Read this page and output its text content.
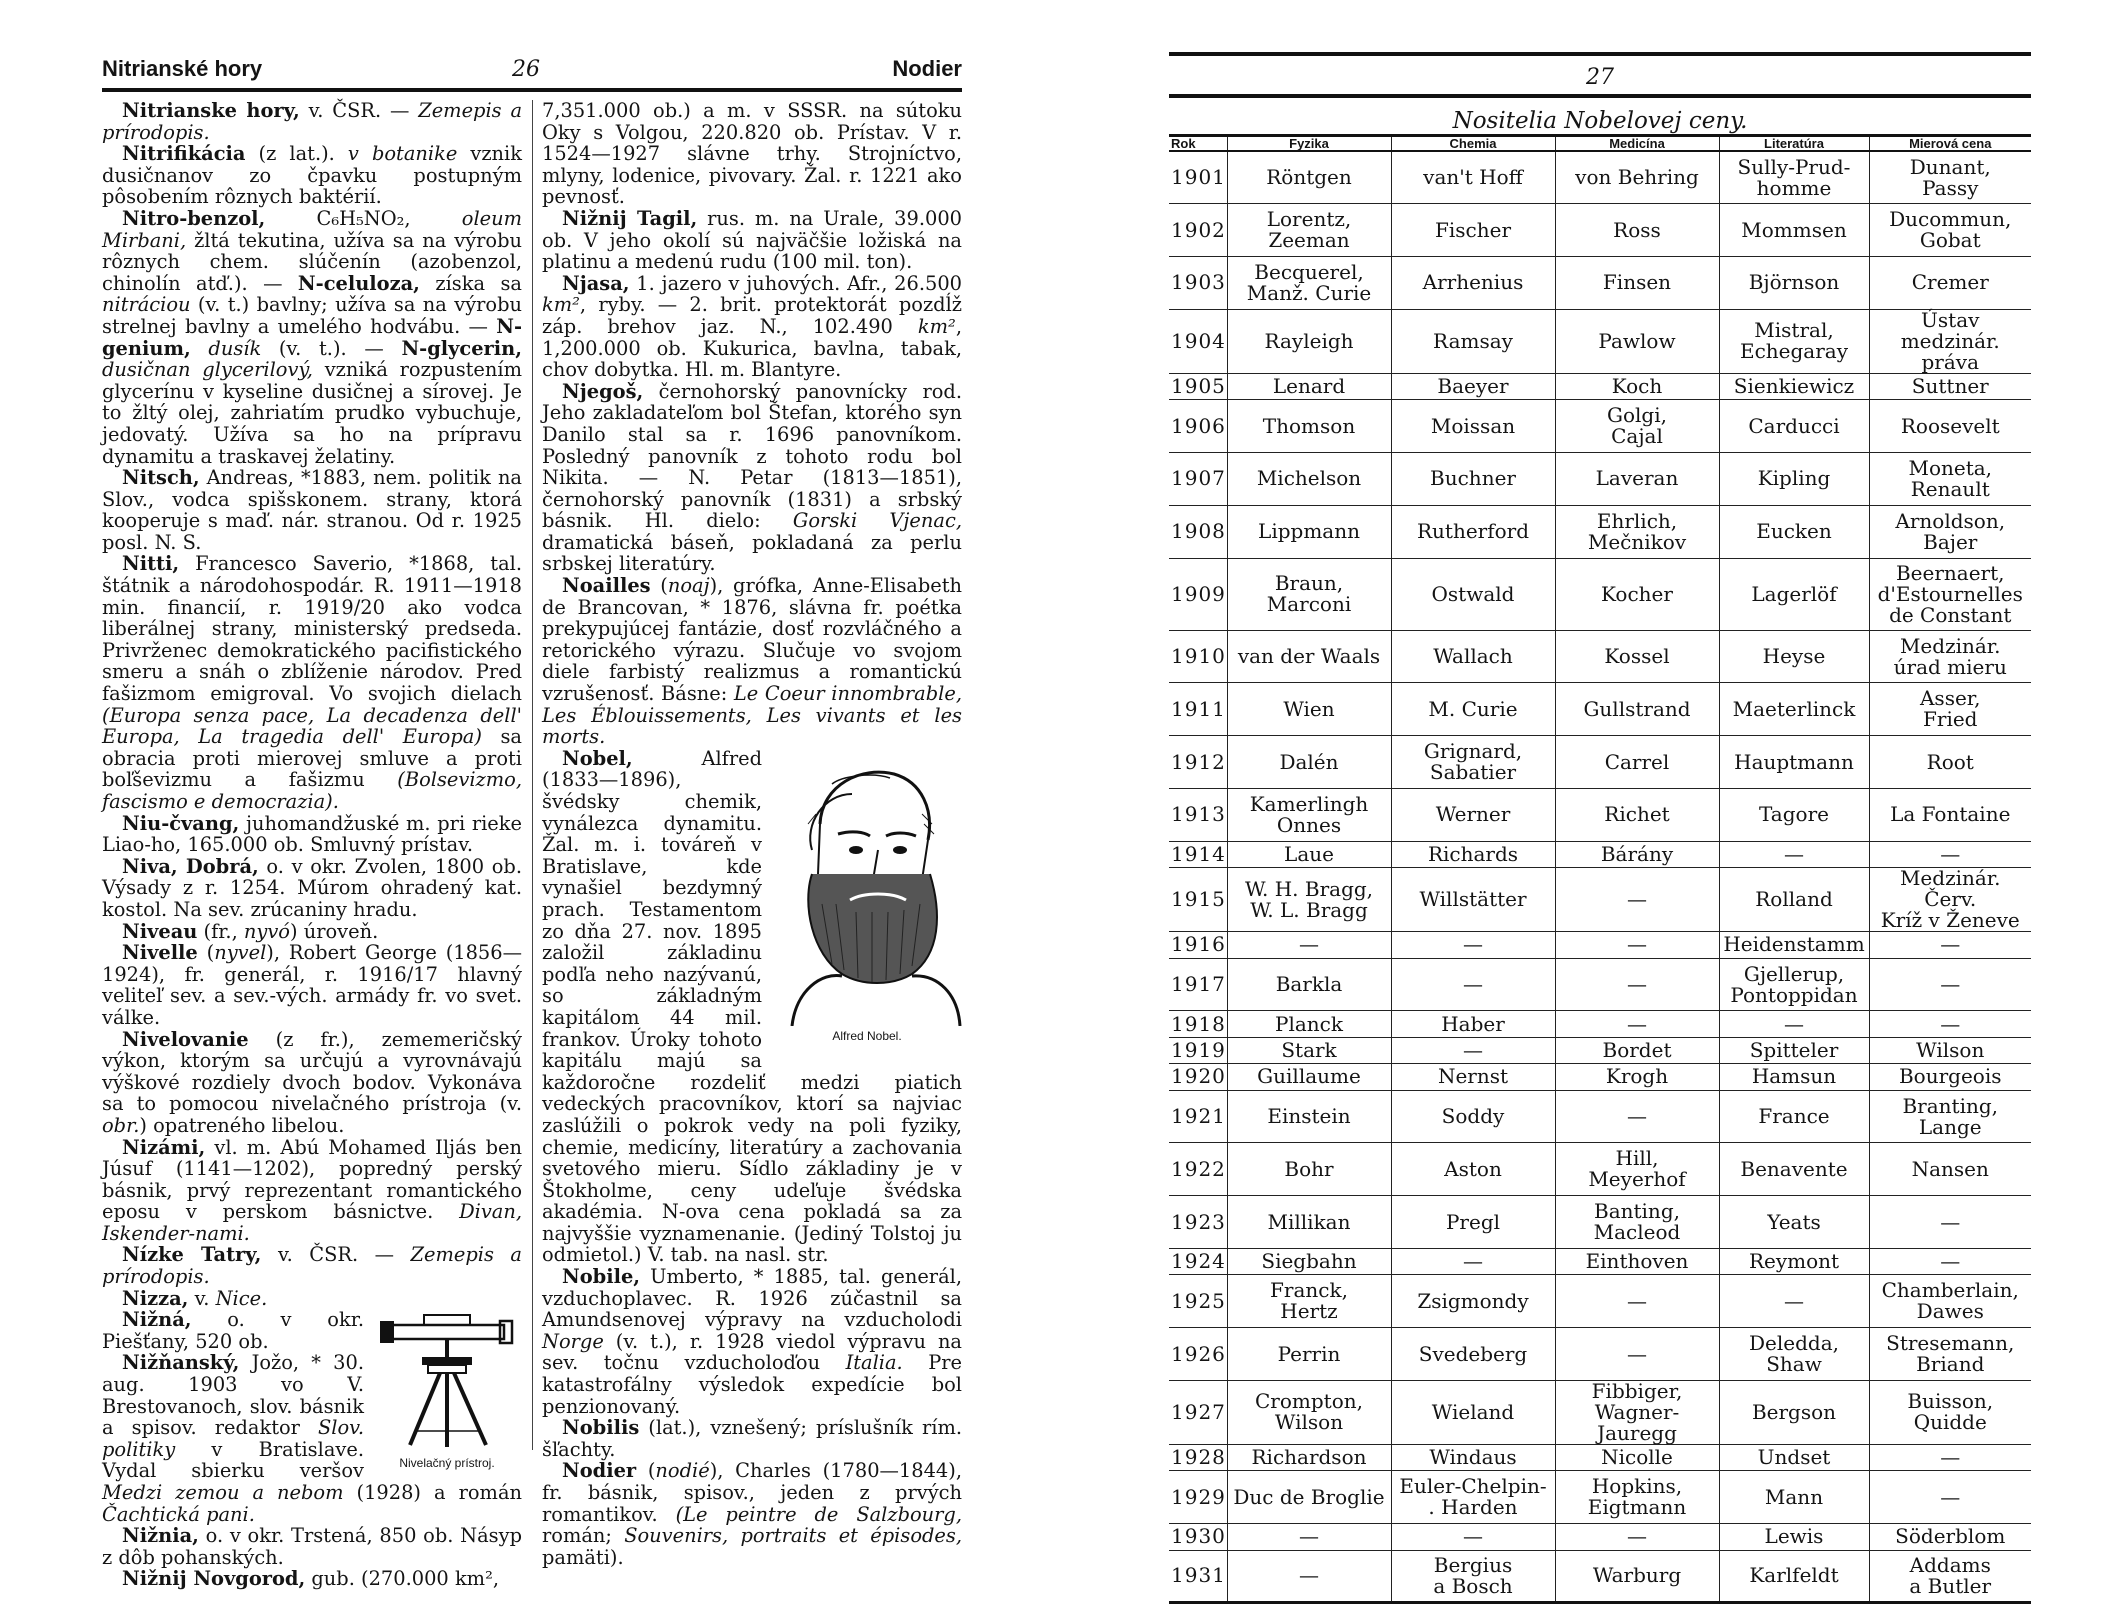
Nitrianské hory	26	Nodier

Nitrianske hory, v. ČSR. — Zemepis a prírodopis.

Nitrifikácia (z lat.). v botanike vznik dusičnanov zo čpavku postupným pôsobením rôznych baktérií.

Nitro-benzol, C₆H₅NO₂, oleum Mirbani, žltá tekutina, užíva sa na výrobu rôznych chem. slúčenín (azobenzol, chinolín atď.). — N-celuloza, získa sa nitráciou (v. t.) bavlny; užíva sa na výrobu strelnej bavlny a umelého hodvábu. — N-genium, dusík (v. t.). — N-glycerin, dusičnan glycerilový, vzniká rozpustením glycerínu v kyseline dusičnej a sírovej. Je to žltý olej, zahriatím prudko vybuchuje, jedovatý. Užíva sa ho na prípravu dynamitu a traskavej želatiny.

Nitsch, Andreas, *1883, nem. politik na Slov., vodca spišskonem. strany, ktorá kooperuje s maď. nár. stranou. Od r. 1925 posl. N. S.

Nitti, Francesco Saverio, *1868, tal. štátnik a národohospodár. R. 1911—1918 min. financií, r. 1919/20 ako vodca liberálnej strany, ministerský predseda. Privrženec demokratického pacifistického smeru a snáh o zblíženie národov. Pred fašizmom emigroval. Vo svojich dielach (Europa senza pace, La decadenza dell' Europa, La tragedia dell' Europa) sa obracia proti mierovej smluve a proti boľševizmu a fašizmu (Bolsevizmo, fascismo e democrazia).

Niu-čvang, juhomandžuské m. pri rieke Liao-ho, 165.000 ob. Smluvný prístav.

Niva, Dobrá, o. v okr. Zvolen, 1800 ob. Výsady z r. 1254. Múrom ohradený kat. kostol. Na sev. zrúcaniny hradu.

Niveau (fr., nyvó) úroveň.

Nivelle (nyvel), Robert George (1856—1924), fr. generál, r. 1916/17 hlavný veliteľ sev. a sev.-vých. armády fr. vo svet. válke.

Nivelovanie (z fr.), zememeričský výkon, ktorým sa určujú a vyrovnávajú výškové rozdiely dvoch bodov. Vykonáva sa to pomocou nivelačného prístroja (v. obr.) opatreného libelou.

Nizámi, vl. m. Abú Mohamed Iljás ben Júsuf (1141—1202), popredný perský básnik, prvý reprezentant romantického eposu v perskom básnictve. Divan, Iskender-nami.

Nízke Tatry, v. ČSR. — Zemepis a prírodopis.

Nizza, v. Nice.

Nivelačný prístroj.

Nižná, o. v okr. Piešťany, 520 ob.

Nižňanský, Jožo, * 30. aug. 1903 vo V. Brestovanoch, slov. básnik a spisov. redaktor Slov. politiky v Bratislave. Vydal sbierku veršov Medzi zemou a nebom (1928) a román Čachtická pani.

Nižnia, o. v okr. Trstená, 850 ob. Násyp z dôb pohanských.

Nižnij Novgorod, gub. (270.000 km²,

7,351.000 ob.) a m. v SSSR. na sútoku Oky s Volgou, 220.820 ob. Prístav. V r. 1524—1927 slávne trhy. Strojníctvo, mlyny, lodenice, pivovary. Žal. r. 1221 ako pevnosť.

Nižnij Tagil, rus. m. na Urale, 39.000 ob. V jeho okolí sú najväčšie ložiská na platinu a medenú rudu (100 mil. ton).

Njasa, 1. jazero v juhových. Afr., 26.500 km², ryby. — 2. brit. protektorát pozdĺž záp. brehov jaz. N., 102.490 km², 1,200.000 ob. Kukurica, bavlna, tabak, chov dobytka. Hl. m. Blantyre.

Njegoš, černohorský panovnícky rod. Jeho zakladateľom bol Štefan, ktorého syn Danilo stal sa r. 1696 panovníkom. Posledný panovník z tohoto rodu bol Nikita. — N. Petar (1813—1851), černohorský panovník (1831) a srbský básnik. Hl. dielo: Gorski Vjenac, dramatická báseň, pokladaná za perlu srbskej literatúry.

Noailles (noaj), grófka, Anne-Elisabeth de Brancovan, * 1876, slávna fr. poétka prekypujúcej fantázie, dosť rozvláčného a retorického výrazu. Slučuje vo svojom diele farbistý realizmus a romantickú vzrušenosť. Básne: Le Coeur innombrable, Les Éblouissements, Les vivants et les morts.

Alfred Nobel.

Nobel, Alfred (1833—1896), švédsky chemik, vynálezca dynamitu. Žal. m. i. továreň v Bratislave, kde vynašiel bezdymný prach. Testamentom zo dňa 27. nov. 1895 založil základinu podľa neho nazývanú, so základným kapitálom 44 mil. frankov. Úroky tohoto kapitálu majú sa každoročne rozdeliť medzi piatich vedeckých pracovníkov, ktorí sa najviac zaslúžili o pokrok vedy na poli fyziky, chemie, medicíny, literatúry a zachovania svetového mieru. Sídlo základiny je v Štokholme, ceny udeľuje švédska akadémia. N-ova cena pokladá sa za najvyššie vyznamenanie. (Jediný Tolstoj ju odmietol.) V. tab. na nasl. str.

Nobile, Umberto, * 1885, tal. generál, vzduchoplavec. R. 1926 zúčastnil sa Amundsenovej výpravy na vzducholodi Norge (v. t.), r. 1928 viedol výpravu na sev. točnu vzducholoďou Italia. Pre katastrofálny výsledok expedície bol penzionovaný.

Nobilis (lat.), vznešený; príslušník rím. šľachty.

Nodier (nodié), Charles (1780—1844), fr. básnik, spisov., jeden z prvých romantikov. (Le peintre de Salzbourg, román; Souvenirs, portraits et épisodes, pamäti).

27
Nositelia Nobelovej ceny.
Rok	Fyzika	Chemia	Medicína	Literatúra	Mierová cena
1901	Röntgen	van't Hoff	von Behring	Sully-Prud-
homme	Dunant,
Passy
1902	Lorentz,
Zeeman	Fischer	Ross	Mommsen	Ducommun,
Gobat
1903	Becquerel,
Manž. Curie	Arrhenius	Finsen	Björnson	Cremer
1904	Rayleigh	Ramsay	Pawlow	Mistral,
Echegaray	Ústav medzinár.
práva
1905	Lenard	Baeyer	Koch	Sienkiewicz	Suttner
1906	Thomson	Moissan	Golgi,
Cajal	Carducci	Roosevelt
1907	Michelson	Buchner	Laveran	Kipling	Moneta,
Renault
1908	Lippmann	Rutherford	Ehrlich,
Mečnikov	Eucken	Arnoldson,
Bajer
1909	Braun,
Marconi	Ostwald	Kocher	Lagerlöf	Beernaert,
d'Estournelles
de Constant
1910	van der Waals	Wallach	Kossel	Heyse	Medzinár.
úrad mieru
1911	Wien	M. Curie	Gullstrand	Maeterlinck	Asser,
Fried
1912	Dalén	Grignard,
Sabatier	Carrel	Hauptmann	Root
1913	Kamerlingh
Onnes	Werner	Richet	Tagore	La Fontaine
1914	Laue	Richards	Bárány	—	—
1915	W. H. Bragg,
W. L. Bragg	Willstätter	—	Rolland	Medzinár. Červ.
Kríž v Ženeve
1916	—	—	—	Heidenstamm	—
1917	Barkla	—	—	Gjellerup,
Pontoppidan	—
1918	Planck	Haber	—	—	—
1919	Stark	—	Bordet	Spitteler	Wilson
1920	Guillaume	Nernst	Krogh	Hamsun	Bourgeois
1921	Einstein	Soddy	—	France	Branting,
Lange
1922	Bohr	Aston	Hill,
Meyerhof	Benavente	Nansen
1923	Millikan	Pregl	Banting,
Macleod	Yeats	—
1924	Siegbahn	—	Einthoven	Reymont	—
1925	Franck,
Hertz	Zsigmondy	—	—	Chamberlain,
Dawes
1926	Perrin	Svedeberg	—	Deledda,
Shaw	Stresemann,
Briand
1927	Crompton,
Wilson	Wieland	Fibbiger,
Wagner-Jauregg	Bergson	Buisson,
Quidde
1928	Richardson	Windaus	Nicolle	Undset	—
1929	Duc de Broglie	Euler-Chelpin-
. Harden	Hopkins,
Eigtmann	Mann	—
1930	—	—	—	Lewis	Söderblom
1931	—	Bergius
a Bosch	Warburg	Karlfeldt	Addams
a Butler
